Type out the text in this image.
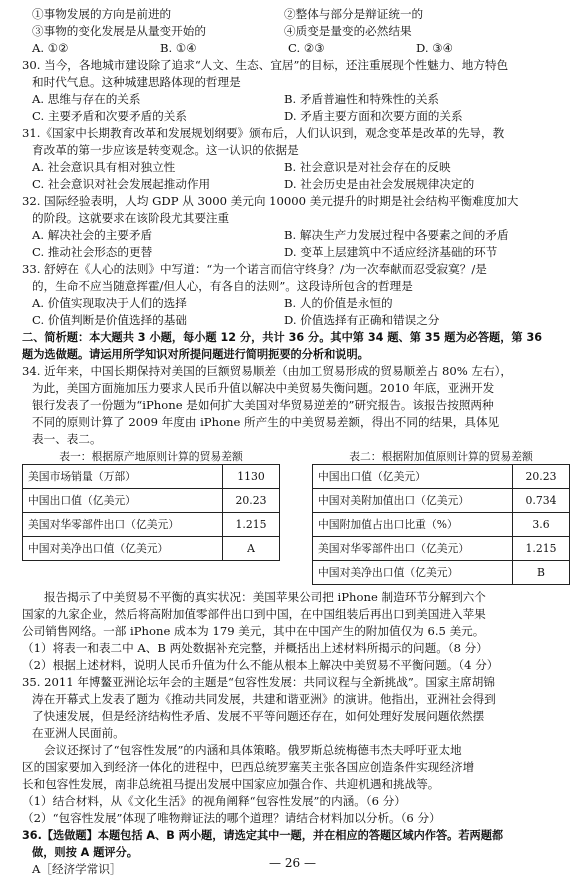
①事物发展的方向是前进的	②整体与部分是辩证统一的
③事物的变化发展是从量变开始的	④质变是量变的必然结果
A. ①②	B. ①④	C. ②③	D. ③④
30. 当今，各地城市建设除了追求“人文、生态、宜居”的目标，还注重展现个性魅力、地方特色
和时代气息。这种城建思路体现的哲理是
A. 思维与存在的关系	B. 矛盾普遍性和特殊性的关系
C. 主要矛盾和次要矛盾的关系	D. 矛盾主要方面和次要方面的关系
31.《国家中长期教育改革和发展规划纲要》颁布后，人们认识到，观念变革是改革的先导，教
育改革的第一步应该是转变观念。这一认识的依据是
A. 社会意识具有相对独立性	B. 社会意识是对社会存在的反映
C. 社会意识对社会发展起推动作用	D. 社会历史是由社会发展规律决定的
32. 国际经验表明，人均 GDP 从 3000 美元向 10000 美元提升的时期是社会结构平衡难度加大
的阶段。这就要求在该阶段尤其要注重
A. 解决社会的主要矛盾	B. 解决生产力发展过程中各要素之间的矛盾
C. 推动社会形态的更替	D. 变革上层建筑中不适应经济基础的环节
33. 舒婷在《人心的法则》中写道：“为一个诺言而信守终身？/为一次奉献而忍受寂寞？/是
的，生命不应当随意挥霍/但人心，有各自的法则”。这段诗所包含的哲理是
A. 价值实现取决于人们的选择	B. 人的价值是永恒的
C. 价值判断是价值选择的基础	D. 价值选择有正确和错误之分
二、简析题：本大题共 3 小题，每小题 12 分，共计 36 分。其中第 34 题、第 35 题为必答题，第 36
题为选做题。请运用所学知识对所提问题进行简明扼要的分析和说明。
34. 近年来，中国长期保持对美国的巨额贸易顺差（由加工贸易形成的贸易顺差占 80% 左右），
为此，美国方面施加压力要求人民币升值以解决中美贸易失衡问题。2010 年底，亚洲开发
银行发表了一份题为“iPhone 是如何扩大美国对华贸易逆差的”研究报告。该报告按照两种
不同的原则计算了 2009 年度由 iPhone 所产生的中美贸易差额，得出不同的结果，具体见
表一、表二。
表一：根据原产地原则计算的贸易差额
美国市场销量（万部）	1130
中国出口值（亿美元）	20.23
美国对华零部件出口（亿美元）	1.215
中国对美净出口值（亿美元）	A
表二：根据附加值原则计算的贸易差额
中国出口值（亿美元）	20.23
中国对美附加值出口（亿美元）	0.734
中国附加值占出口比重（%）	3.6
美国对华零部件出口（亿美元）	1.215
中国对美净出口值（亿美元）	B
报告揭示了中美贸易不平衡的真实状况：美国苹果公司把 iPhone 制造环节分解到六个
国家的九家企业，然后将高附加值零部件出口到中国，在中国组装后再出口到美国进入苹果
公司销售网络。一部 iPhone 成本为 179 美元，其中在中国产生的附加值仅为 6.5 美元。
（1）将表一和表二中 A、B 两处数据补充完整，并概括出上述材料所揭示的问题。（8 分）
（2）根据上述材料，说明人民币升值为什么不能从根本上解决中美贸易不平衡问题。（4 分）
35. 2011 年博鳌亚洲论坛年会的主题是“包容性发展：共同议程与全新挑战”。国家主席胡锦
涛在开幕式上发表了题为《推动共同发展，共建和谐亚洲》的演讲。他指出，亚洲社会得到
了快速发展，但是经济结构性矛盾、发展不平等问题还存在，如何处理好发展问题依然摆
在亚洲人民面前。
会议还探讨了“包容性发展”的内涵和具体策略。俄罗斯总统梅德韦杰夫呼吁亚太地
区的国家要加入到经济一体化的进程中，巴西总统罗塞芙主张各国应创造条件实现经济增
长和包容性发展，南非总统祖马提出发展中国家应加强合作、共迎机遇和挑战等。
（1）结合材料，从《文化生活》的视角阐释“包容性发展”的内涵。（6 分）
（2）“包容性发展”体现了唯物辩证法的哪个道理？请结合材料加以分析。（6 分）
36.【选做题】本题包括 A、B 两小题，请选定其中一题，并在相应的答题区域内作答。若两题都
做，则按 A 题评分。
A［经济学常识］	— 26 —
